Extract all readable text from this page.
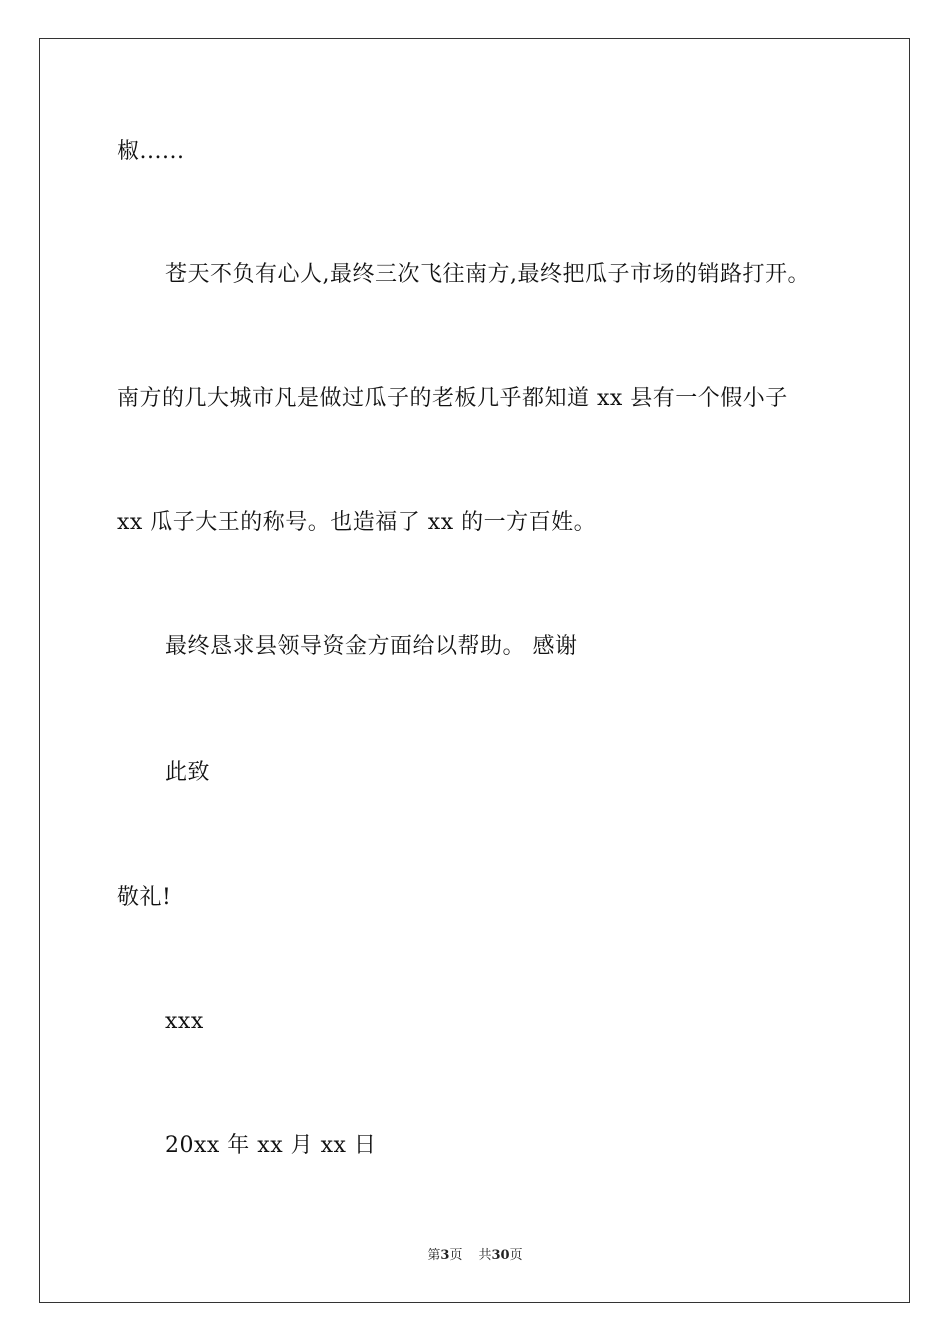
椒......
苍天不负有心人,最终三次飞往南方,最终把瓜子市场的销路打开。
南方的几大城市凡是做过瓜子的老板几乎都知道 xx 县有一个假小子
xx 瓜子大王的称号。也造福了 xx 的一方百姓。
最终恳求县领导资金方面给以帮助。 感谢
此致
敬礼!
xxx
20xx 年 xx 月 xx 日
第3页 共30页
